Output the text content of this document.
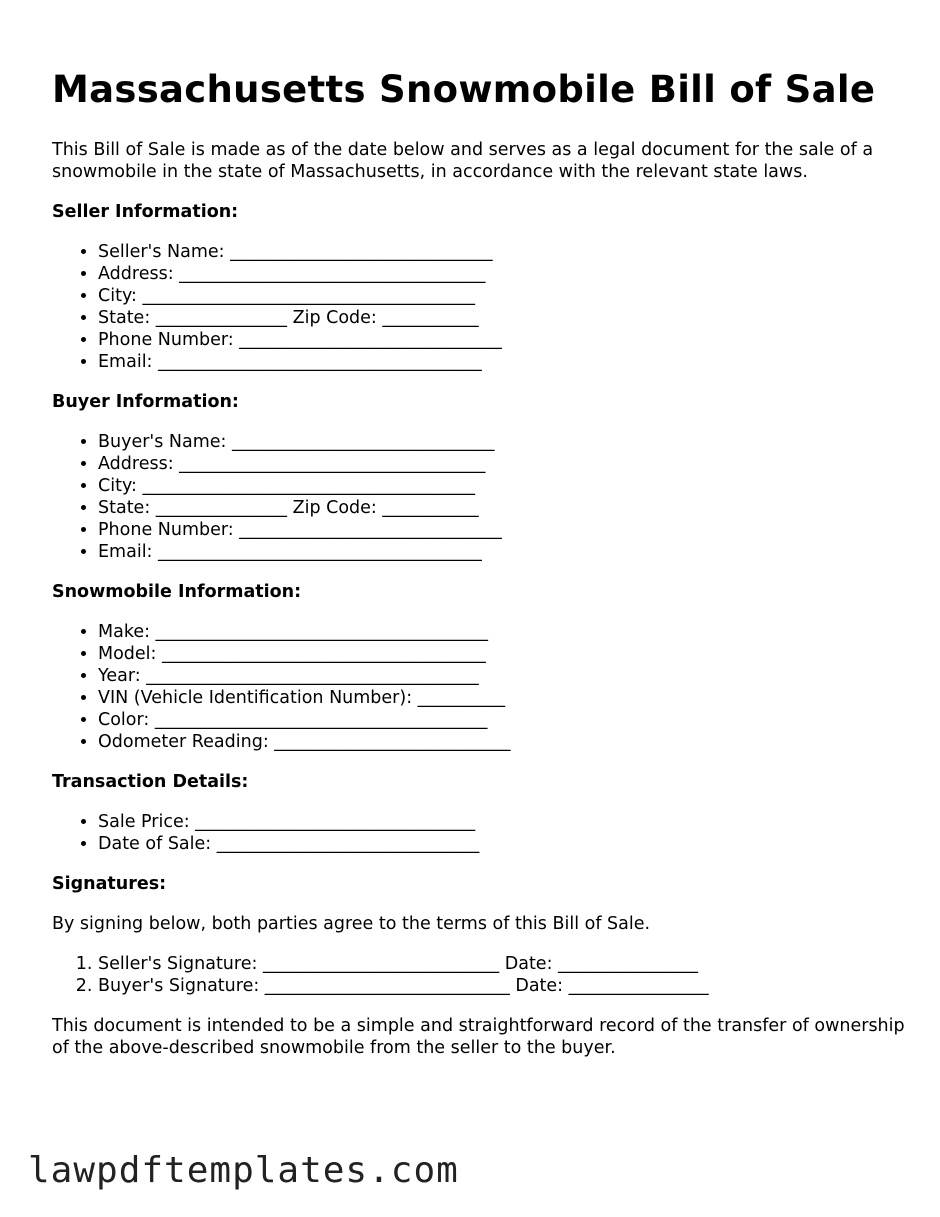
Massachusetts Snowmobile Bill of Sale

This Bill of Sale is made as of the date below and serves as a legal document for the sale of a snowmobile in the state of Massachusetts, in accordance with the relevant state laws.

Seller Information:

• Seller's Name: ______________________________
• Address: ___________________________________
• City: ______________________________________
• State: _______________ Zip Code: ___________
• Phone Number: ______________________________
• Email: _____________________________________

Buyer Information:

• Buyer's Name: ______________________________
• Address: ___________________________________
• City: ______________________________________
• State: _______________ Zip Code: ___________
• Phone Number: ______________________________
• Email: _____________________________________

Snowmobile Information:

• Make: ______________________________________
• Model: _____________________________________
• Year: ______________________________________
• VIN (Vehicle Identification Number): __________
• Color: ______________________________________
• Odometer Reading: ___________________________

Transaction Details:

• Sale Price: ________________________________
• Date of Sale: ______________________________

Signatures:

By signing below, both parties agree to the terms of this Bill of Sale.

1. Seller's Signature: ___________________________ Date: ________________
2. Buyer's Signature: ____________________________ Date: ________________

This document is intended to be a simple and straightforward record of the transfer of ownership of the above-described snowmobile from the seller to the buyer.

lawpdftemplates.com
